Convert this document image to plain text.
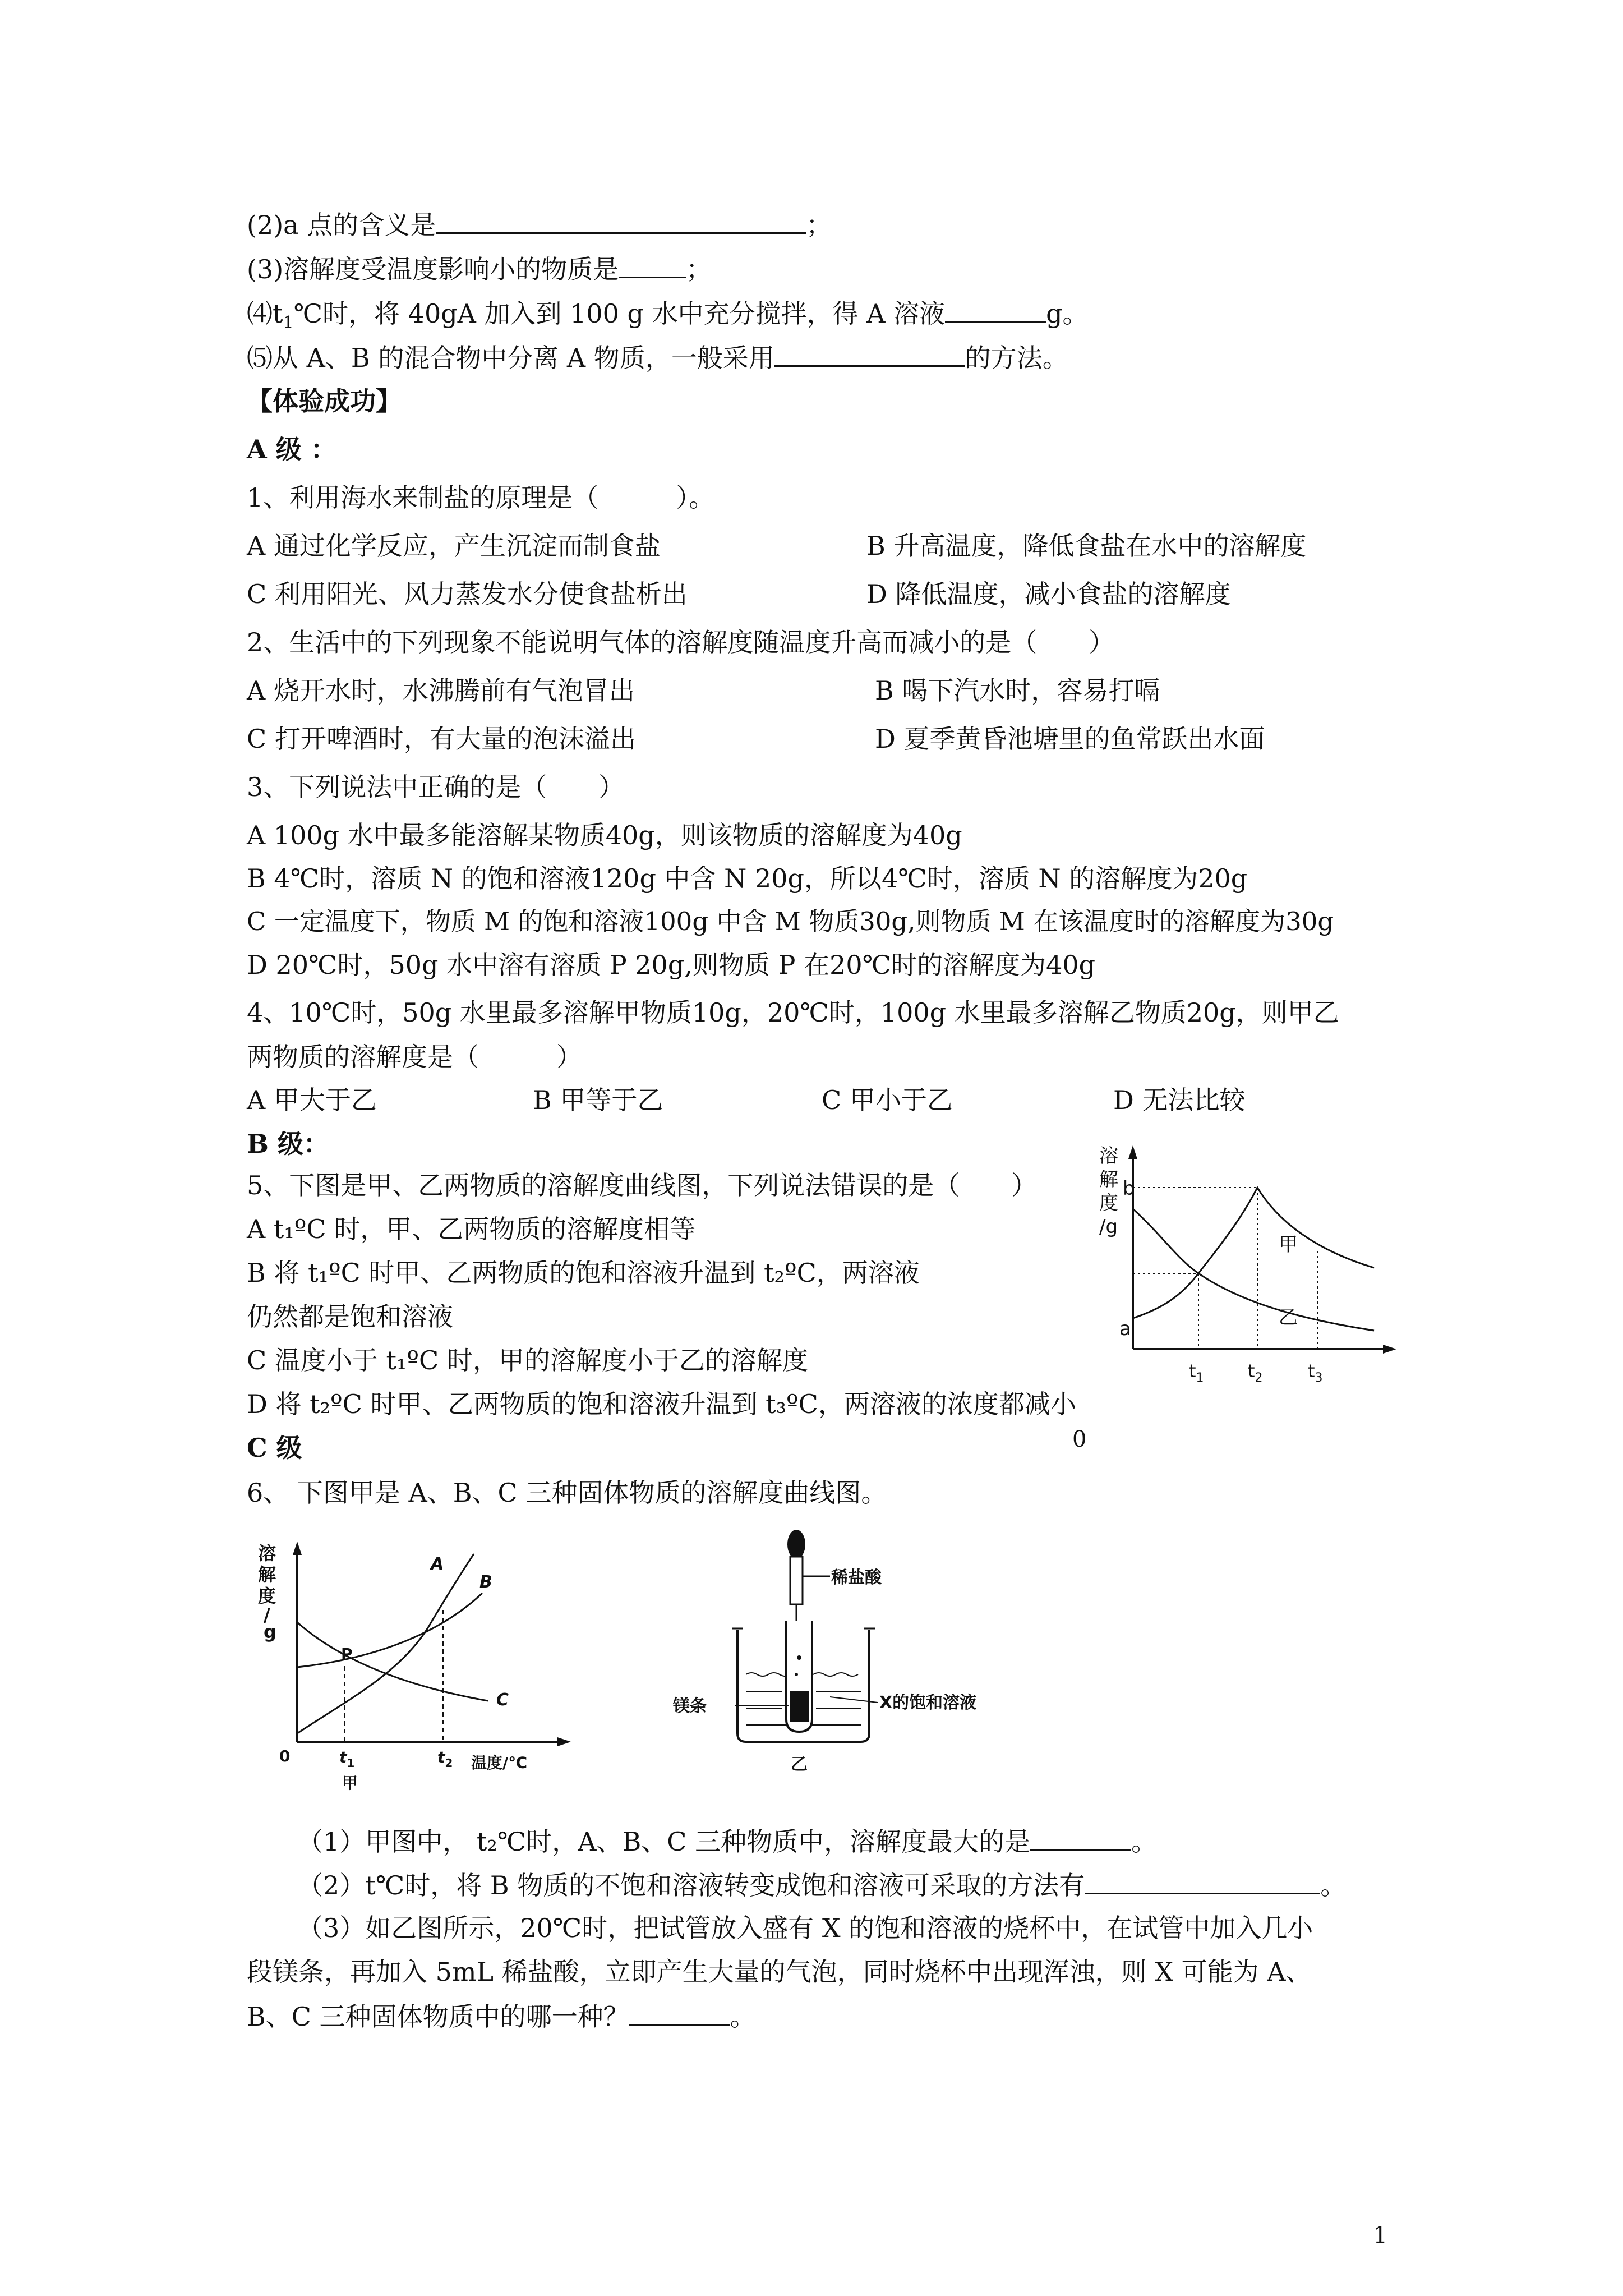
(2)a 点的含义是	；
(3)溶解度受温度影响小的物质是	；
$⑷t_1℃$时，将 40gA 加入到 100 g 水中充分搅拌，得 A 溶液	g。
⑸从 A、B 的混合物中分离 A 物质，一般采用	的方法。
【体验成功】
A 级 ：
1、利用海水来制盐的原理是（　　　）。
A 通过化学反应，产生沉淀而制食盐	B 升高温度，降低食盐在水中的溶解度
C 利用阳光、风力蒸发水分使食盐析出	D 降低温度，减小食盐的溶解度
2、生活中的下列现象不能说明气体的溶解度随温度升高而减小的是（　　）
A 烧开水时，水沸腾前有气泡冒出	B 喝下汽水时，容易打嗝
C 打开啤酒时，有大量的泡沫溢出	D 夏季黄昏池塘里的鱼常跃出水面
3、下列说法中正确的是（　　）
A 100g 水中最多能溶解某物质40g，则该物质的溶解度为40g
B 4℃时，溶质 N 的饱和溶液120g 中含 N 20g，所以4℃时，溶质 N 的溶解度为20g
C 一定温度下，物质 M 的饱和溶液100g 中含 M 物质30g,则物质 M 在该温度时的溶解度为30g
D 20℃时，50g 水中溶有溶质 P 20g,则物质 P 在20℃时的溶解度为40g
4、10℃时，50g 水里最多溶解甲物质10g，20℃时，100g 水里最多溶解乙物质20g，则甲乙
两物质的溶解度是（　　　）
A 甲大于乙	B 甲等于乙	C 甲小于乙	D 无法比较
B 级：
5、下图是甲、乙两物质的溶解度曲线图，下列说法错误的是（　　）
A t₁ºC 时，甲、乙两物质的溶解度相等
B 将 t₁ºC 时甲、乙两物质的饱和溶液升温到 t₂ºC，两溶液
仍然都是饱和溶液
C 温度小于 t₁ºC 时，甲的溶解度小于乙的溶解度
D 将 t₂ºC 时甲、乙两物质的饱和溶液升温到 t₃ºC，两溶液的浓度都减小
0
溶
解
度
/g
b
a
甲
乙
$t_1$ $t_2$	$t_3$
C 级
6、 下图甲是 A、B、C 三种固体物质的溶解度曲线图。
溶
解
度
/
g
A
B
C
P
0	$t_1$	$t_2$ 温度/℃
甲
稀盐酸
镁条	X的饱和溶液
乙
（1）甲图中， t₂℃时，A、B、C 三种物质中，溶解度最大的是	。
（2）t℃时，将 B 物质的不饱和溶液转变成饱和溶液可采取的方法有	。
（3）如乙图所示，20℃时，把试管放入盛有 X 的饱和溶液的烧杯中，在试管中加入几小
段镁条，再加入 5mL 稀盐酸，立即产生大量的气泡，同时烧杯中出现浑浊，则 X 可能为 A、
B、C 三种固体物质中的哪一种？	。
1
